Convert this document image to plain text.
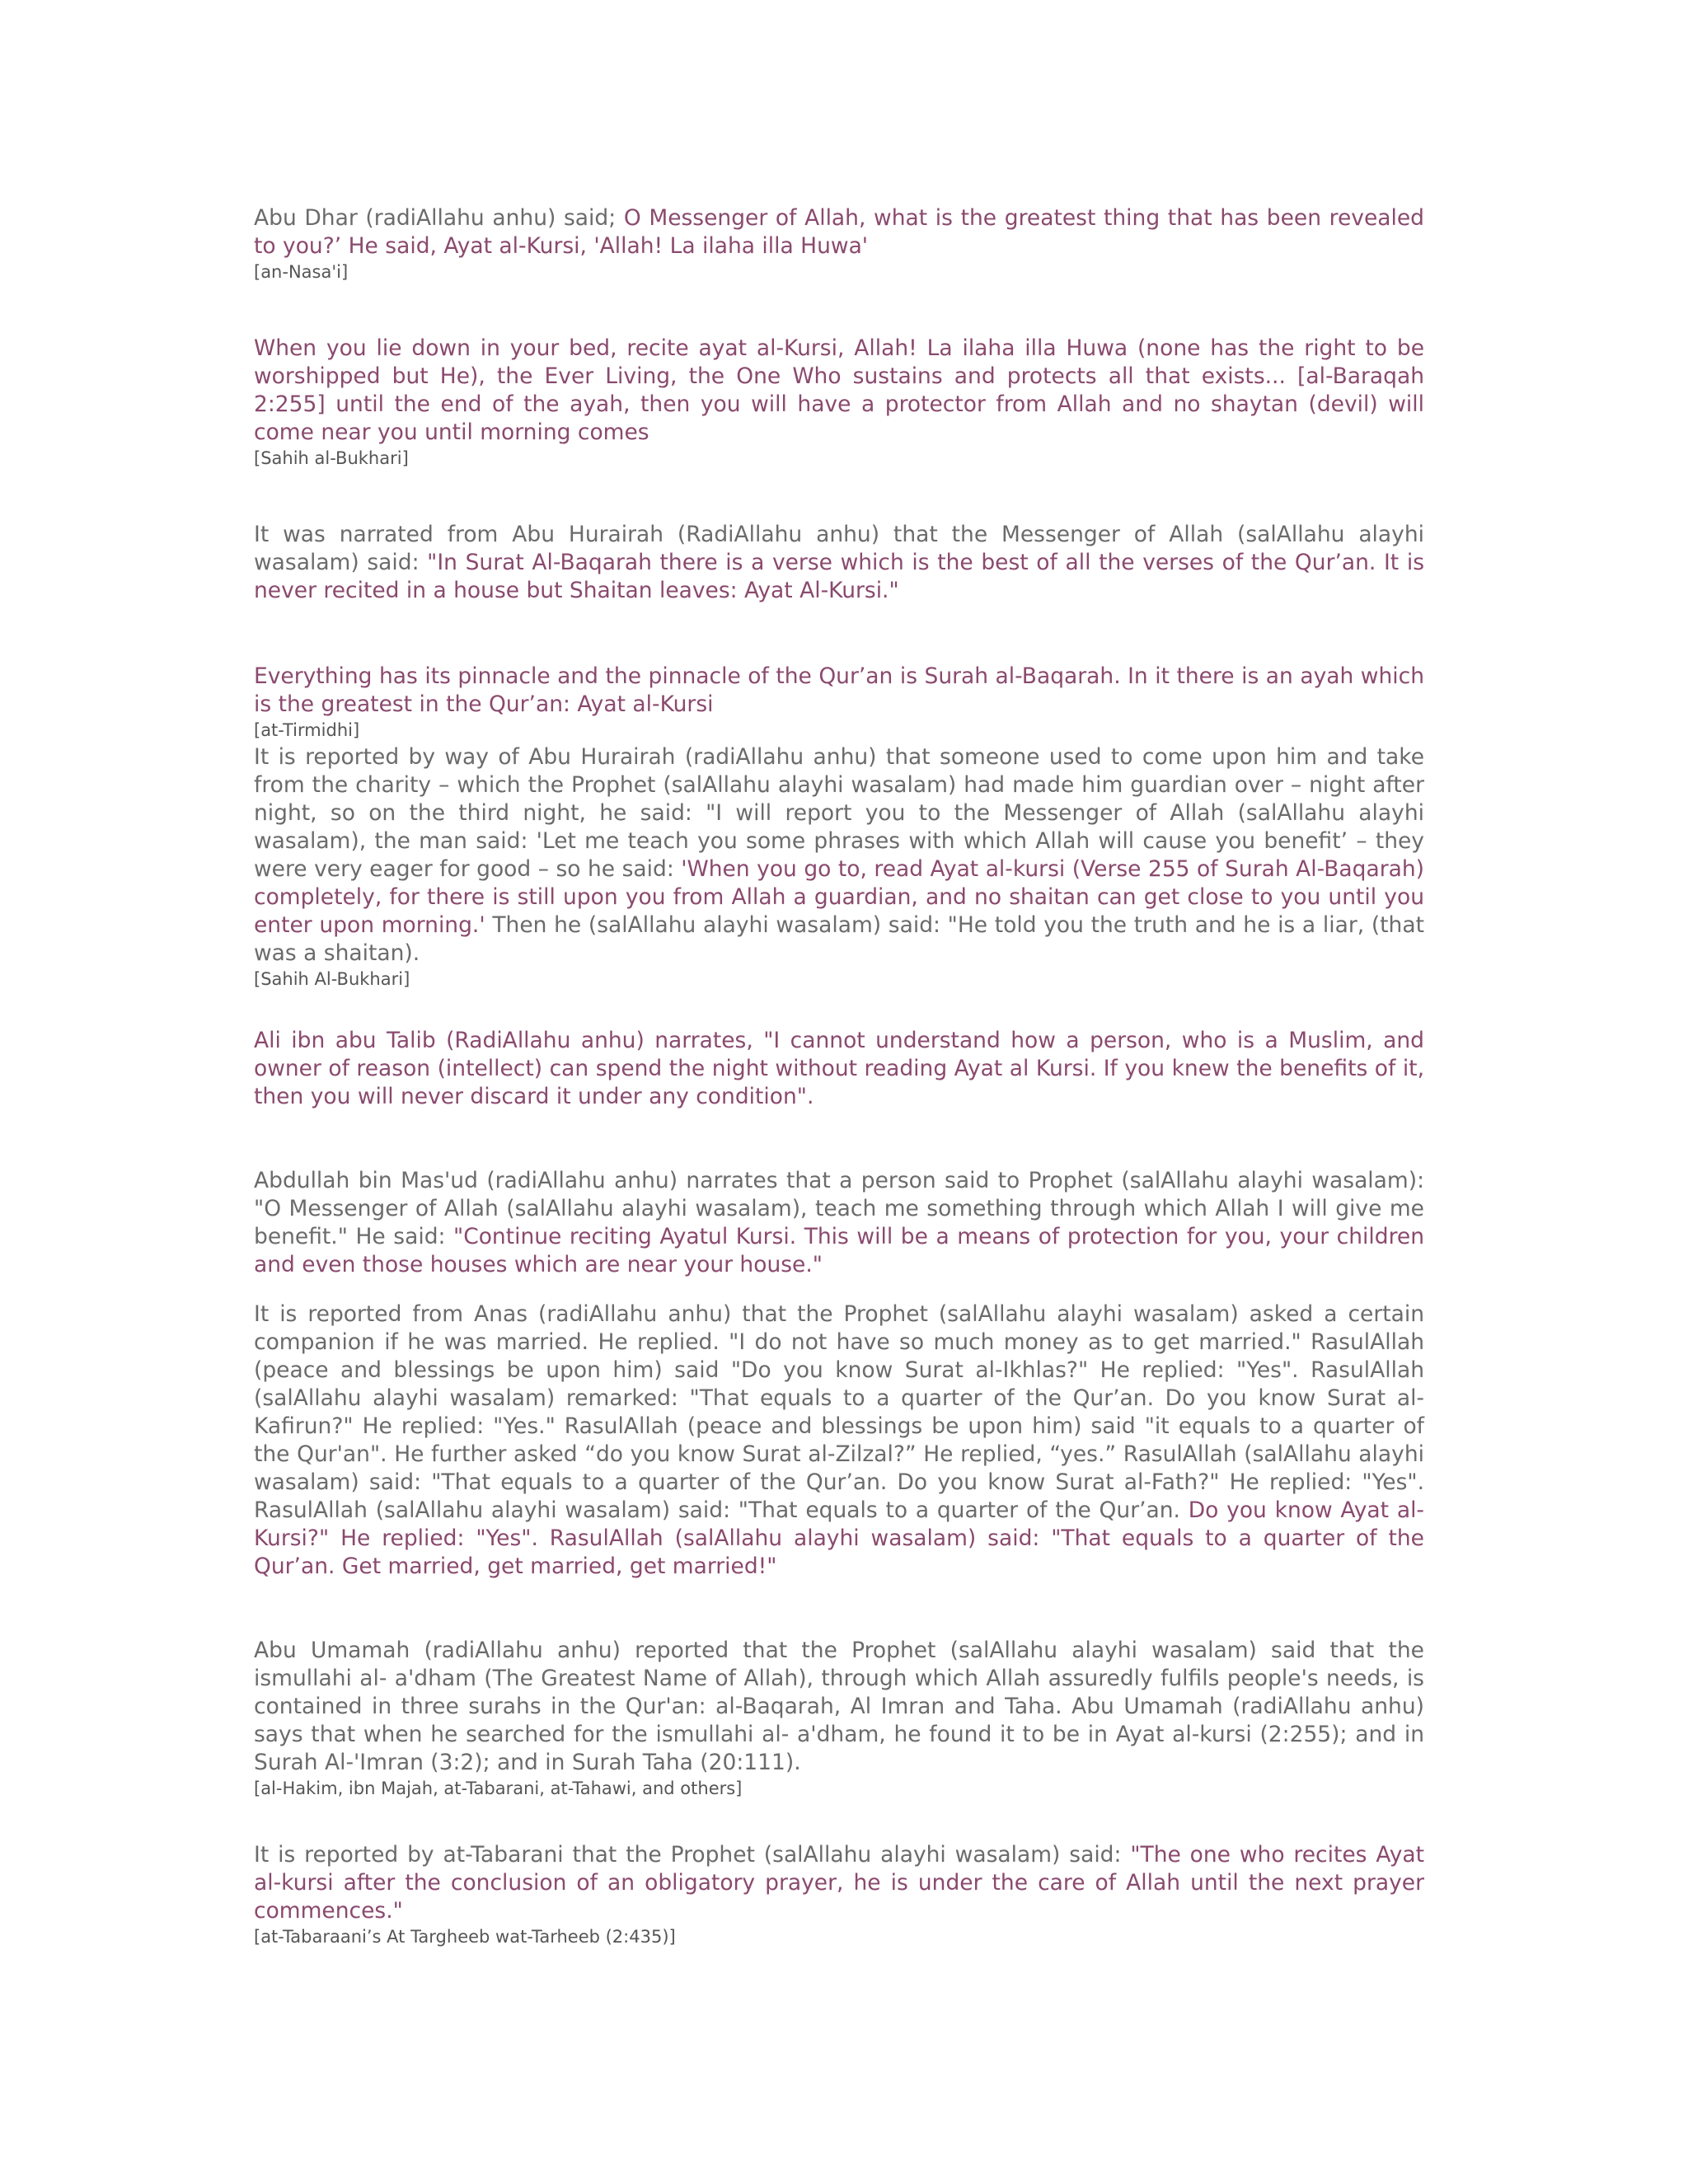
Abu Dhar (radiAllahu anhu) said; O Messenger of Allah, what is the greatest thing that has been revealed to you?’ He said, Ayat al-Kursi, 'Allah! La ilaha illa Huwa'

[an-Nasa'i]

When you lie down in your bed, recite ayat al-Kursi, Allah! La ilaha illa Huwa (none has the right to be worshipped but He), the Ever Living, the One Who sustains and protects all that exists... [al-Baraqah 2:255] until the end of the ayah, then you will have a protector from Allah and no shaytan (devil) will come near you until morning comes

[Sahih al-Bukhari]

It was narrated from Abu Hurairah (RadiAllahu anhu) that the Messenger of Allah (salAllahu alayhi wasalam) said: "In Surat Al-Baqarah there is a verse which is the best of all the verses of the Qur’an. It is never recited in a house but Shaitan leaves: Ayat Al-Kursi."

Everything has its pinnacle and the pinnacle of the Qur’an is Surah al-Baqarah. In it there is an ayah which is the greatest in the Qur’an: Ayat al-Kursi

[at-Tirmidhi]

It is reported by way of Abu Hurairah (radiAllahu anhu) that someone used to come upon him and take from the charity – which the Prophet (salAllahu alayhi wasalam) had made him guardian over – night after night, so on the third night, he said: "I will report you to the Messenger of Allah (salAllahu alayhi wasalam), the man said: 'Let me teach you some phrases with which Allah will cause you benefit’ – they were very eager for good – so he said: 'When you go to, read Ayat al-kursi (Verse 255 of Surah Al-Baqarah) completely, for there is still upon you from Allah a guardian, and no shaitan can get close to you until you enter upon morning.' Then he (salAllahu alayhi wasalam) said: "He told you the truth and he is a liar, (that was a shaitan).

[Sahih Al-Bukhari]

Ali ibn abu Talib (RadiAllahu anhu) narrates, "I cannot understand how a person, who is a Muslim, and owner of reason (intellect) can spend the night without reading Ayat al Kursi. If you knew the benefits of it, then you will never discard it under any condition".

Abdullah bin Mas'ud (radiAllahu anhu) narrates that a person said to Prophet (salAllahu alayhi wasalam): "O Messenger of Allah (salAllahu alayhi wasalam), teach me something through which Allah I will give me benefit." He said: "Continue reciting Ayatul Kursi. This will be a means of protection for you, your children and even those houses which are near your house."

It is reported from Anas (radiAllahu anhu) that the Prophet (salAllahu alayhi wasalam) asked a certain companion if he was married. He replied. "I do not have so much money as to get married." RasulAllah (peace and blessings be upon him) said "Do you know Surat al-Ikhlas?" He replied: "Yes". RasulAllah (salAllahu alayhi wasalam) remarked: "That equals to a quarter of the Qur’an. Do you know Surat al-Kafirun?" He replied: "Yes." RasulAllah (peace and blessings be upon him) said "it equals to a quarter of the Qur'an". He further asked “do you know Surat al-Zilzal?” He replied, “yes.” RasulAllah (salAllahu alayhi wasalam) said: "That equals to a quarter of the Qur’an. Do you know Surat al-Fath?" He replied: "Yes". RasulAllah (salAllahu alayhi wasalam) said: "That equals to a quarter of the Qur’an. Do you know Ayat al-Kursi?" He replied: "Yes". RasulAllah (salAllahu alayhi wasalam) said: "That equals to a quarter of the Qur’an. Get married, get married, get married!"

Abu Umamah (radiAllahu anhu) reported that the Prophet (salAllahu alayhi wasalam) said that the ismullahi al- a'dham (The Greatest Name of Allah), through which Allah assuredly fulfils people's needs, is contained in three surahs in the Qur'an: al-Baqarah, Al Imran and Taha. Abu Umamah (radiAllahu anhu) says that when he searched for the ismullahi al- a'dham, he found it to be in Ayat al-kursi (2:255); and in Surah Al-'Imran (3:2); and in Surah Taha (20:111).

[al-Hakim, ibn Majah, at-Tabarani, at-Tahawi, and others]

It is reported by at-Tabarani that the Prophet (salAllahu alayhi wasalam) said: "The one who recites Ayat al-kursi after the conclusion of an obligatory prayer, he is under the care of Allah until the next prayer commences."

[at-Tabaraani’s At Targheeb wat-Tarheeb (2:435)]
